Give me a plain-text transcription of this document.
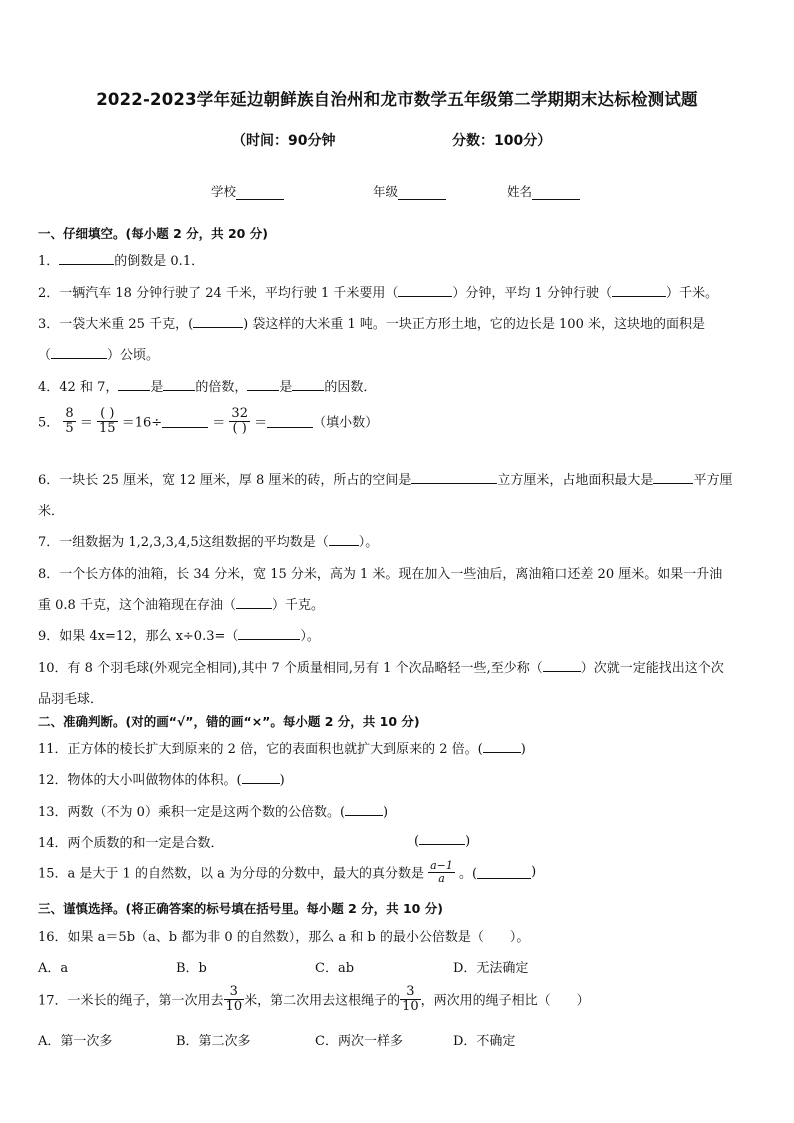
2022-2023学年延边朝鲜族自治州和龙市数学五年级第二学期期末达标检测试题
（时间：90分钟	分数：100分）
学校	年级	姓名
一、仔细填空。(每小题 2 分，共 20 分)
1．	的倒数是 0.1．
2．一辆汽车 18 分钟行驶了 24 千米，平均行驶 1 千米要用（	）分钟，平均 1 分钟行驶（	）千米。
3．一袋大米重 25 千克，(	) 袋这样的大米重 1 吨。一块正方形土地，它的边长是 100 米，这块地的面积是
（	）公顷。
4．42 和 7， 是 的倍数， 是 的因数．
5． $\frac{8}{5} = \frac{( )}{15} =16\div$	＝ $\frac{32}{( )}$ ＝	（填小数）
6．一块长 25 厘米，宽 12 厘米，厚 8 厘米的砖，所占的空间是	立方厘米，占地面积最大是	平方厘
米．
7．一组数据为 1,2,3,3,4,5这组数据的平均数是（ ）。
8．一个长方体的油箱，长 34 分米，宽 15 分米，高为 1 米。现在加入一些油后，离油箱口还差 20 厘米。如果一升油
重 0.8 千克，这个油箱现在存油（	）千克。
9．如果 4x=12，那么 x÷0.3=（	）。
10．有 8 个羽毛球(外观完全相同),其中 7 个质量相同,另有 1 个次品略轻一些,至少称（	）次就一定能找出这个次
品羽毛球．
二、准确判断。(对的画“√”，错的画“×”。每小题 2 分，共 10 分)
11．正方体的棱长扩大到原来的 2 倍，它的表面积也就扩大到原来的 2 倍。(	)
12．物体的大小叫做物体的体积。(	)
13．两数（不为 0）乘积一定是这两个数的公倍数。(	)
14．两个质数的和一定是合数．	(	)
15．a 是大于 1 的自然数，以 a 为分母的分数中，最大的真分数是 $\frac{a-1}{a}$ 。(	)
三、谨慎选择。(将正确答案的标号填在括号里。每小题 2 分，共 10 分)
16．如果 a＝5b（a、b 都为非 0 的自然数），那么 a 和 b 的最小公倍数是（　　）。
A．a	B．b	C．ab	D．无法确定
17．一米长的绳子，第一次用去 $\frac{3}{10}$ 米，第二次用去这根绳子的 $\frac{3}{10}$ ，两次用的绳子相比（　　）
A．第一次多	B．第二次多	C．两次一样多	D．不确定
